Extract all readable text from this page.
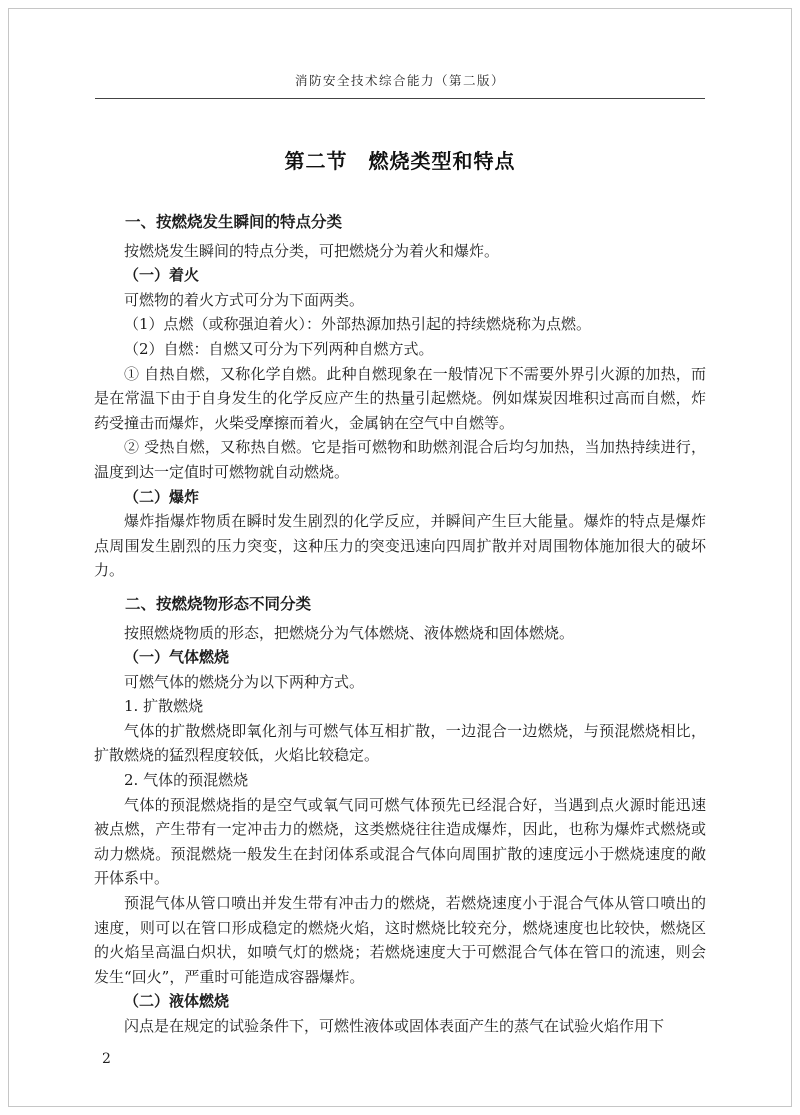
消防安全技术综合能力（第二版）
第二节　燃烧类型和特点
一、按燃烧发生瞬间的特点分类

按燃烧发生瞬间的特点分类，可把燃烧分为着火和爆炸。

（一）着火

可燃物的着火方式可分为下面两类。

（1）点燃（或称强迫着火）：外部热源加热引起的持续燃烧称为点燃。

（2）自燃：自燃又可分为下列两种自燃方式。

① 自热自燃，又称化学自燃。此种自燃现象在一般情况下不需要外界引火源的加热，而是在常温下由于自身发生的化学反应产生的热量引起燃烧。例如煤炭因堆积过高而自燃，炸药受撞击而爆炸，火柴受摩擦而着火，金属钠在空气中自燃等。

② 受热自燃，又称热自燃。它是指可燃物和助燃剂混合后均匀加热，当加热持续进行，温度到达一定值时可燃物就自动燃烧。

（二）爆炸

爆炸指爆炸物质在瞬时发生剧烈的化学反应，并瞬间产生巨大能量。爆炸的特点是爆炸点周围发生剧烈的压力突变，这种压力的突变迅速向四周扩散并对周围物体施加很大的破坏力。

二、按燃烧物形态不同分类

按照燃烧物质的形态，把燃烧分为气体燃烧、液体燃烧和固体燃烧。

（一）气体燃烧

可燃气体的燃烧分为以下两种方式。

1. 扩散燃烧

气体的扩散燃烧即氧化剂与可燃气体互相扩散，一边混合一边燃烧，与预混燃烧相比，扩散燃烧的猛烈程度较低，火焰比较稳定。

2. 气体的预混燃烧

气体的预混燃烧指的是空气或氧气同可燃气体预先已经混合好，当遇到点火源时能迅速被点燃，产生带有一定冲击力的燃烧，这类燃烧往往造成爆炸，因此，也称为爆炸式燃烧或动力燃烧。预混燃烧一般发生在封闭体系或混合气体向周围扩散的速度远小于燃烧速度的敞开体系中。

预混气体从管口喷出并发生带有冲击力的燃烧，若燃烧速度小于混合气体从管口喷出的速度，则可以在管口形成稳定的燃烧火焰，这时燃烧比较充分，燃烧速度也比较快，燃烧区的火焰呈高温白炽状，如喷气灯的燃烧；若燃烧速度大于可燃混合气体在管口的流速，则会发生“回火”，严重时可能造成容器爆炸。

（二）液体燃烧

闪点是在规定的试验条件下，可燃性液体或固体表面产生的蒸气在试验火焰作用下

2
